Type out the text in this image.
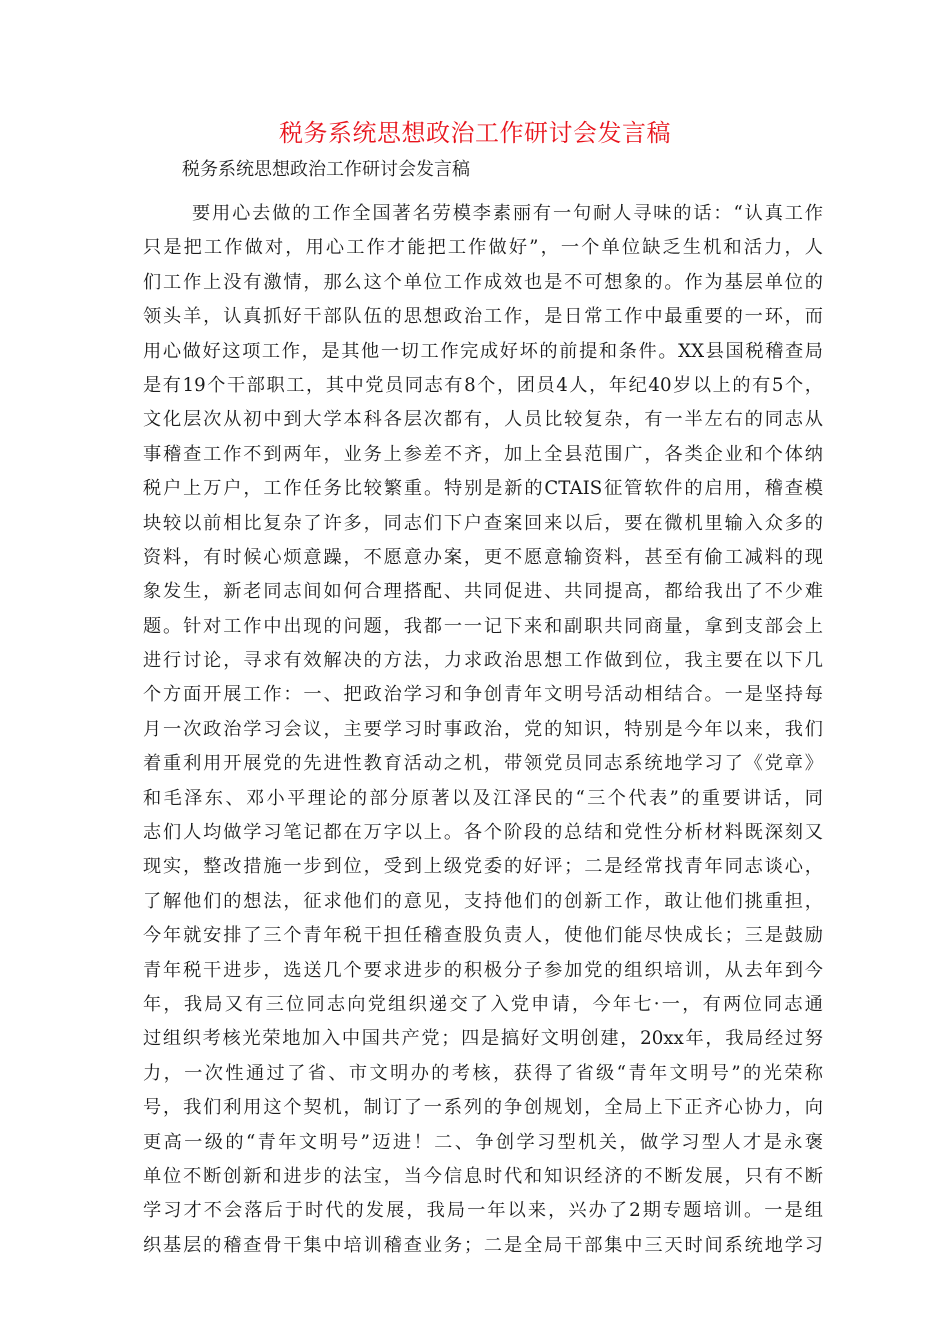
税务系统思想政治工作研讨会发言稿
税务系统思想政治工作研讨会发言稿
要用心去做的工作全国著名劳模李素丽有一句耐人寻味的话：“认真工作
只是把工作做对，用心工作才能把工作做好”，一个单位缺乏生机和活力，人
们工作上没有激情，那么这个单位工作成效也是不可想象的。作为基层单位的
领头羊，认真抓好干部队伍的思想政治工作，是日常工作中最重要的一环，而
用心做好这项工作，是其他一切工作完成好坏的前提和条件。XX县国税稽查局
是有19个干部职工，其中党员同志有8个，团员4人，年纪40岁以上的有5个，
文化层次从初中到大学本科各层次都有，人员比较复杂，有一半左右的同志从
事稽查工作不到两年，业务上参差不齐，加上全县范围广，各类企业和个体纳
税户上万户，工作任务比较繁重。特别是新的CTAIS征管软件的启用，稽查模
块较以前相比复杂了许多，同志们下户查案回来以后，要在微机里输入众多的
资料，有时候心烦意躁，不愿意办案，更不愿意输资料，甚至有偷工减料的现
象发生，新老同志间如何合理搭配、共同促进、共同提高，都给我出了不少难
题。针对工作中出现的问题，我都一一记下来和副职共同商量，拿到支部会上
进行讨论，寻求有效解决的方法，力求政治思想工作做到位，我主要在以下几
个方面开展工作：一、把政治学习和争创青年文明号活动相结合。一是坚持每
月一次政治学习会议，主要学习时事政治，党的知识，特别是今年以来，我们
着重利用开展党的先进性教育活动之机，带领党员同志系统地学习了《党章》
和毛泽东、邓小平理论的部分原著以及江泽民的“三个代表”的重要讲话，同
志们人均做学习笔记都在万字以上。各个阶段的总结和党性分析材料既深刻又
现实，整改措施一步到位，受到上级党委的好评；二是经常找青年同志谈心，
了解他们的想法，征求他们的意见，支持他们的创新工作，敢让他们挑重担，
今年就安排了三个青年税干担任稽查股负责人，使他们能尽快成长；三是鼓励
青年税干进步，选送几个要求进步的积极分子参加党的组织培训，从去年到今
年，我局又有三位同志向党组织递交了入党申请，今年七·一，有两位同志通
过组织考核光荣地加入中国共产党；四是搞好文明创建，20xx年，我局经过努
力，一次性通过了省、市文明办的考核，获得了省级“青年文明号”的光荣称
号，我们利用这个契机，制订了一系列的争创规划，全局上下正齐心协力，向
更高一级的“青年文明号”迈进！二、争创学习型机关，做学习型人才是永褒
单位不断创新和进步的法宝，当今信息时代和知识经济的不断发展，只有不断
学习才不会落后于时代的发展，我局一年以来，兴办了2期专题培训。一是组
织基层的稽查骨干集中培训稽查业务；二是全局干部集中三天时间系统地学习
